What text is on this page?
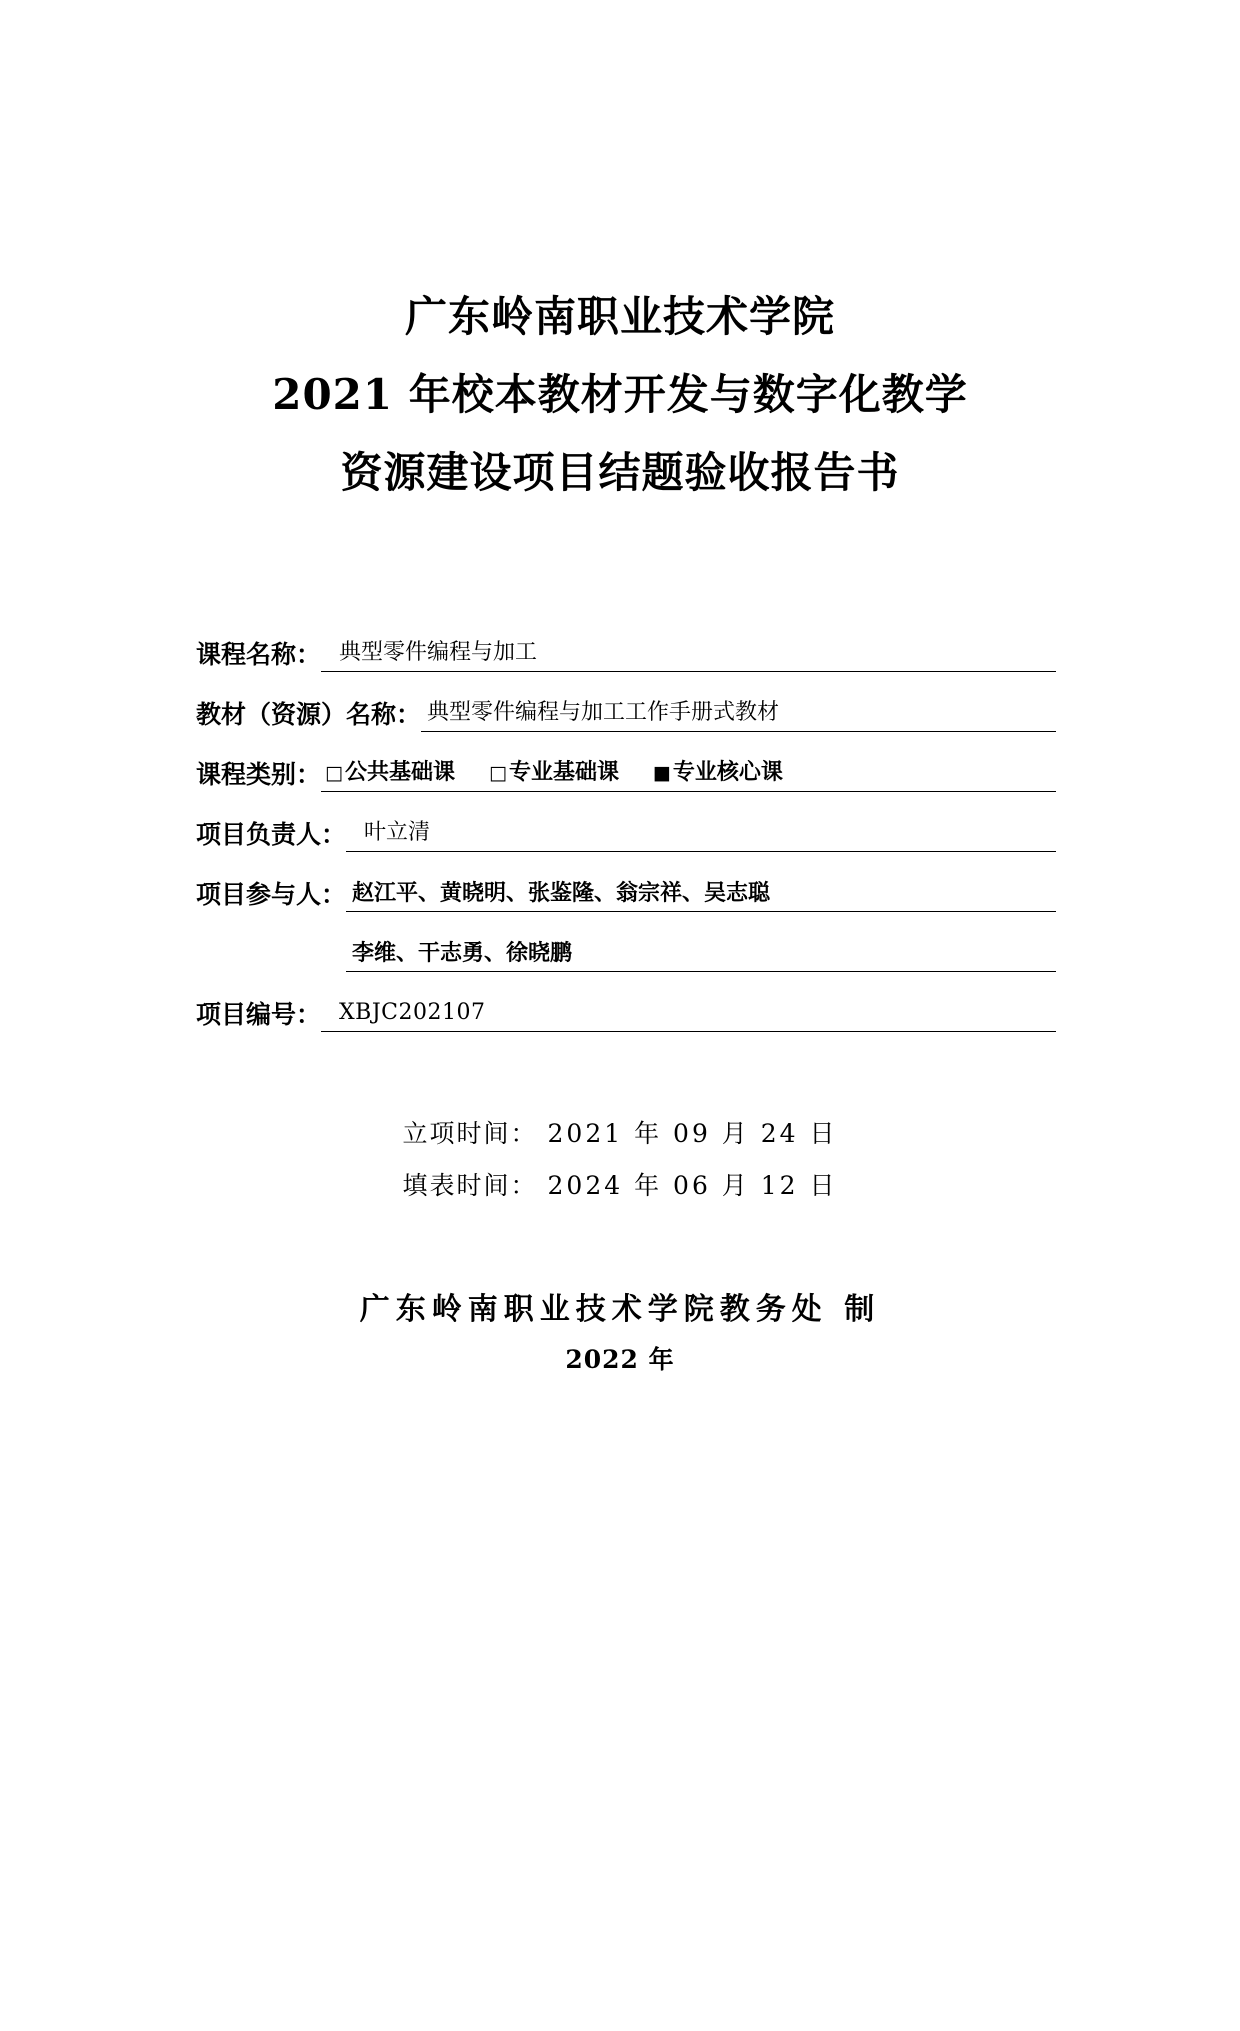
广东岭南职业技术学院
2021 年校本教材开发与数字化教学
资源建设项目结题验收报告书
课程名称： 典型零件编程与加工
教材（资源）名称： 典型零件编程与加工工作手册式教材
课程类别： □公共基础课 □专业基础课 ■专业核心课
项目负责人： 叶立清
项目参与人： 赵江平、黄晓明、张鉴隆、翁宗祥、吴志聪
李维、干志勇、徐晓鹏
项目编号： XBJC202107
立项时间： 2021 年 09 月 24 日
填表时间： 2024 年 06 月 12 日
广东岭南职业技术学院教务处 制
2022 年
